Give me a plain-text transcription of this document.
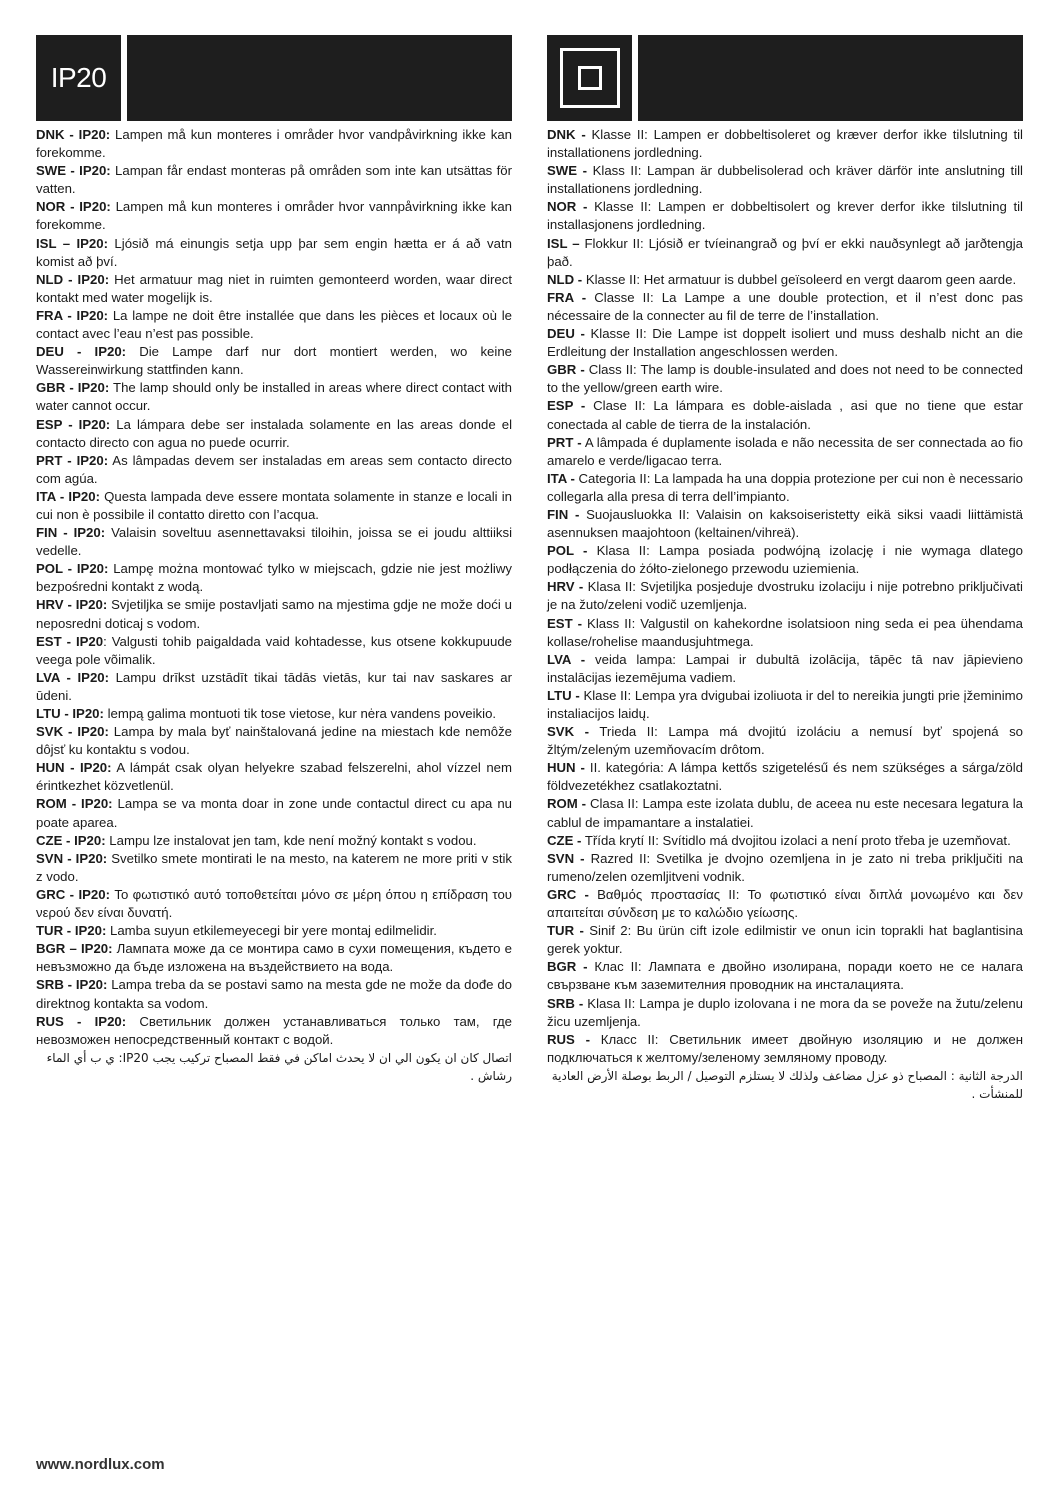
IP20

DNK - IP20: Lampen må kun monteres i områder hvor vandpåvirkning ikke kan forekomme.

SWE - IP20: Lampan får endast monteras på områden som inte kan utsättas för vatten.

NOR - IP20: Lampen må kun monteres i områder hvor vannpåvirkning ikke kan forekomme.

ISL – IP20: Ljósið má einungis setja upp þar sem engin hætta er á að vatn komist að því.

NLD - IP20: Het armatuur mag niet in ruimten gemonteerd worden, waar direct kontakt med water mogelijk is.

FRA - IP20: La lampe ne doit être installée que dans les pièces et locaux où le contact avec l’eau n’est pas possible.

DEU - IP20: Die Lampe darf nur dort montiert werden, wo keine Wassereinwirkung stattfinden kann.

GBR - IP20: The lamp should only be installed in areas where direct contact with water cannot occur.

ESP - IP20: La lámpara debe ser instalada solamente en las areas donde el contacto directo con agua no puede ocurrir.

PRT - IP20: As lâmpadas devem ser instaladas em areas sem contacto directo com agúa.

ITA - IP20: Questa lampada deve essere montata solamente in stanze e locali in cui non è possibile il contatto diretto con l’acqua.

FIN - IP20: Valaisin soveltuu asennettavaksi tiloihin, joissa se ei joudu alttiiksi vedelle.

POL - IP20: Lampę można montować tylko w miejscach, gdzie nie jest możliwy bezpośredni kontakt z wodą.

HRV - IP20: Svjetiljka se smije postavljati samo na mjestima gdje ne može doći u neposredni doticaj s vodom.

EST - IP20: Valgusti tohib paigaldada vaid kohtadesse, kus otsene kokkupuude veega pole võimalik.

LVA - IP20: Lampu drīkst uzstādīt tikai tādās vietās, kur tai nav saskares ar ūdeni.

LTU - IP20: lempą galima montuoti tik tose vietose, kur nėra vandens poveikio.

SVK - IP20: Lampa by mala byť nainštalovaná jedine na miestach kde nemôže dôjsť ku kontaktu s vodou.

HUN - IP20: A lámpát csak olyan helyekre szabad felszerelni, ahol vízzel nem érintkezhet közvetlenül.

ROM - IP20: Lampa se va monta doar in zone unde contactul direct cu apa nu poate aparea.

CZE - IP20: Lampu lze instalovat jen tam, kde není možný kontakt s vodou.

SVN - IP20: Svetilko smete montirati le na mesto, na katerem ne more priti v stik z vodo.

GRC - IP20: Το φωτιστικό αυτό τοποθετείται μόνο σε μέρη όπου η επίδραση του νερού δεν είναι δυνατή.

TUR - IP20: Lamba suyun etkilemeyecegi bir yere montaj edilmelidir.

BGR – IP20: Лампата може да се монтира само в сухи помещения, където е невъзможно да бъде изложена на въздействието на вода.

SRB - IP20: Lampa treba da se postavi samo na mesta gde ne može da dođe do direktnog kontakta sa vodom.

RUS - IP20: Светильник должен устанавливаться только там, где невозможен непосредственный контакт с водой.

اتصال كان ان يكون الي ان لا يحدث اماكن في فقط المصباح تركيب يجب IP20: ي ب أي الماء رشاش .

DNK - Klasse II: Lampen er dobbeltisoleret og kræver derfor ikke tilslutning til installationens jordledning.

SWE - Klass II: Lampan är dubbelisolerad och kräver därför inte anslutning till installationens jordledning.

NOR - Klasse II: Lampen er dobbeltisolert og krever derfor ikke tilslutning til installasjonens jordledning.

ISL – Flokkur II: Ljósið er tvíeinangrað og því er ekki nauðsynlegt að jarðtengja það.

NLD - Klasse II: Het armatuur is dubbel geïsoleerd en vergt daarom geen aarde.

FRA - Classe II: La Lampe a une double protection, et il n’est donc pas nécessaire de la connecter au fil de terre de l’installation.

DEU - Klasse II: Die Lampe ist doppelt isoliert und muss deshalb nicht an die Erdleitung der Installation angeschlossen werden.

GBR - Class II: The lamp is double-insulated and does not need to be connected to the yellow/green earth wire.

ESP - Clase II: La lámpara es doble-aislada , asi que no tiene que estar conectada al cable de tierra de la instalación.

PRT - A lâmpada é duplamente isolada e não necessita de ser connectada ao fio amarelo e verde/ligacao terra.

ITA - Categoria II: La lampada ha una doppia protezione per cui non è necessario collegarla alla presa di terra dell’impianto.

FIN - Suojausluokka II: Valaisin on kaksoiseristetty eikä siksi vaadi liittämistä asennuksen maajohtoon (keltainen/vihreä).

POL - Klasa II: Lampa posiada podwójną izolację i nie wymaga dlatego podłączenia do żółto-zielonego przewodu uziemienia.

HRV - Klasa II: Svjetiljka posjeduje dvostruku izolaciju i nije potrebno priključivati je na žuto/zeleni vodič uzemljenja.

EST - Klass II: Valgustil on kahekordne isolatsioon ning seda ei pea ühendama kollase/rohelise maandusjuhtmega.

LVA - veida lampa: Lampai ir dubultā izolācija, tāpēc tā nav jāpievieno instalācijas iezemējuma vadiem.

LTU - Klase II: Lempa yra dvigubai izoliuota ir del to nereikia jungti prie įžeminimo instaliacijos laidų.

SVK - Trieda II: Lampa má dvojitú izoláciu a nemusí byť spojená so žltým/zeleným uzemňovacím drôtom.

HUN - II. kategória: A lámpa kettős szigetelésű és nem szükséges a sárga/zöld földvezetékhez csatlakoztatni.

ROM - Clasa II: Lampa este izolata dublu, de aceea nu este necesara legatura la cablul de impamantare a instalatiei.

CZE - Třída krytí II: Svítidlo má dvojitou izolaci a není proto třeba je uzemňovat.

SVN - Razred II: Svetilka je dvojno ozemljena in je zato ni treba priključiti na rumeno/zelen ozemljitveni vodnik.

GRC - Βαθμός προστασίας II: Το φωτιστικό είναι διπλά μονωμένο και δεν απαιτείται σύνδεση με το καλώδιο γείωσης.

TUR - Sinif 2: Bu ürün cift izole edilmistir ve onun icin toprakli hat baglantisina gerek yoktur.

BGR - Клас II: Лампата е двойно изолирана, поради което не се налага свързване към заземителния проводник на инсталацията.

SRB - Klasa II: Lampa je duplo izolovana i ne mora da se poveže na žutu/zelenu žicu uzemljenja.

RUS - Класс II: Светильник имеет двойную изоляцию и не должен подключаться к желтому/зеленому земляному проводу.

الدرجة الثانية : المصباح ذو عزل مضاعف ولذلك لا يستلزم التوصيل / الربط بوصلة الأرض العادية للمنشأت .
www.nordlux.com
